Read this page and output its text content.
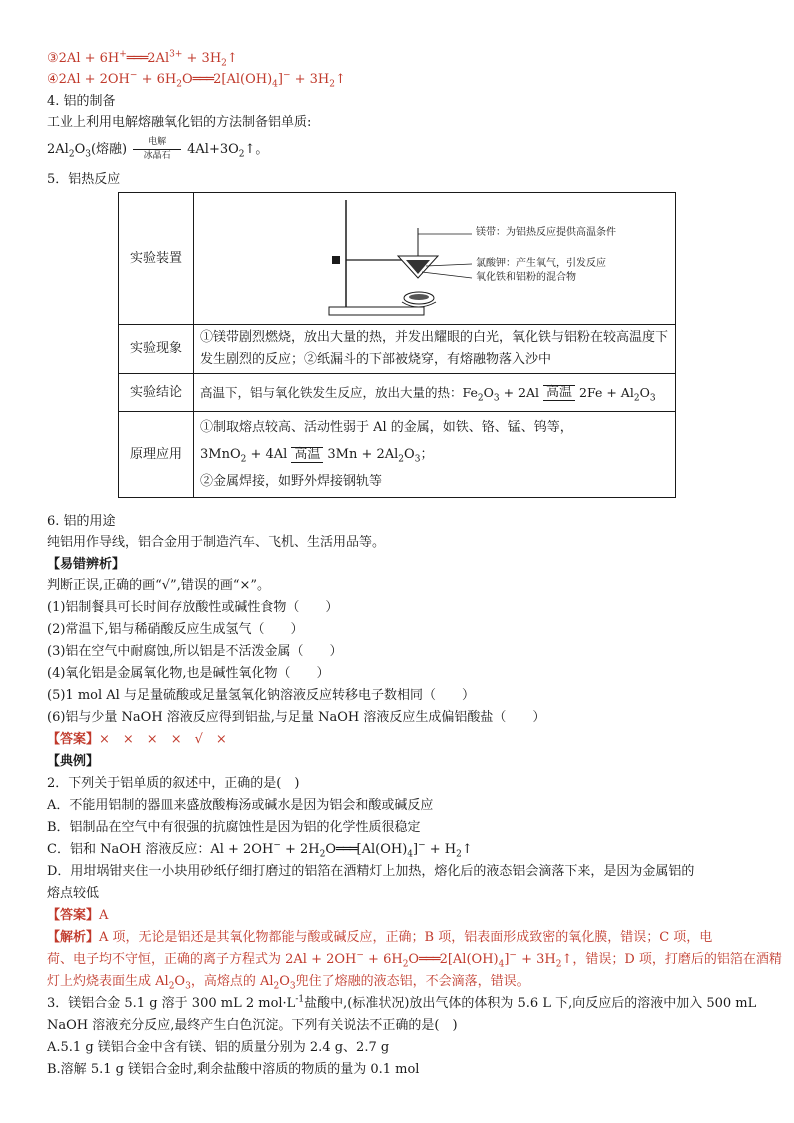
③2Al + $6H^+═══2Al^{3+}$ + $3H_2↑$
④2Al + $2OH^- + 6H_2O═══2[Al(OH)_4]^-$ + $3H_2↑$
4. 铝的制备
工业上利用电解熔融氧化铝的方法制备铝单质:
$2Al_2O_3$(熔融)	电解
冰晶石	$4Al+3O_2↑$。
5．铝热反应
实验装置	镁带：为铝热反应提供高温条件
氯酸钾：产生氧气，引发反应
氧化铁和铝粉的混合物

实验现象	①镁带剧烈燃烧，放出大量的热，并发出耀眼的白光，氧化铁与铝粉在较高温度下发生剧烈的反应；②纸漏斗的下部被烧穿，有熔融物落入沙中
实验结论	高温下，铝与氧化铁发生反应，放出大量的热：$Fe_2O_3 + 2Al$ 高温 $2Fe + Al_2O_3$
原理应用	①制取熔点较高、活动性弱于 Al 的金属，如铁、铬、锰、钨等，
3MnO$_2$ + 4Al 高温 $3Mn + 2Al_2O_3$；
②金属焊接，如野外焊接钢轨等
6. 铝的用途
纯铝用作导线，铝合金用于制造汽车、飞机、生活用品等。
【易错辨析】
判断正误,正确的画“√”,错误的画“×”。
(1)铝制餐具可长时间存放酸性或碱性食物（　　）
(2)常温下,铝与稀硝酸反应生成氢气（　　）
(3)铝在空气中耐腐蚀,所以铝是不活泼金属（　　）
(4)氧化铝是金属氧化物,也是碱性氧化物（　　）
(5)1 mol Al 与足量硫酸或足量氢氧化钠溶液反应转移电子数相同（　　）
(6)铝与少量 NaOH 溶液反应得到铝盐,与足量 NaOH 溶液反应生成偏铝酸盐（　　）
【答案】×　×　×　×　√　×
【典例】
2．下列关于铝单质的叙述中，正确的是(　)
A．不能用铝制的器皿来盛放酸梅汤或碱水是因为铝会和酸或碱反应
B．铝制品在空气中有很强的抗腐蚀性是因为铝的化学性质很稳定
C．铝和 NaOH 溶液反应：$Al + 2OH^- + 2H_2O═══[Al(OH)_4]^-$ + $H_2↑$
D．用坩埚钳夹住一小块用砂纸仔细打磨过的铝箔在酒精灯上加热，熔化后的液态铝会滴落下来，是因为金属铝的
熔点较低
【答案】A
【解析】A 项，无论是铝还是其氧化物都能与酸或碱反应，正确；B 项，铝表面形成致密的氧化膜，错误；C 项，电
荷、电子均不守恒，正确的离子方程式为 $2Al + 2OH^- + 6H_2O═══2[Al(OH)_4]^-$ + $3H_2↑$，错误；D 项，打磨后的铝箔在酒精
灯上灼烧表面生成 $Al_2O_3$，高熔点的 $Al_2O_3$兜住了熔融的液态铝，不会滴落，错误。
3．镁铝合金 5.1 g 溶于 300 mL 2 $mol\cdot L^{-1}$盐酸中,(标准状况)放出气体的体积为 5.6 L 下,向反应后的溶液中加入 500 mL
NaOH 溶液充分反应,最终产生白色沉淀。下列有关说法不正确的是(　)
A.5.1 g 镁铝合金中含有镁、铝的质量分别为 2.4 g、2.7 g
B.溶解 5.1 g 镁铝合金时,剩余盐酸中溶质的物质的量为 0.1 mol
